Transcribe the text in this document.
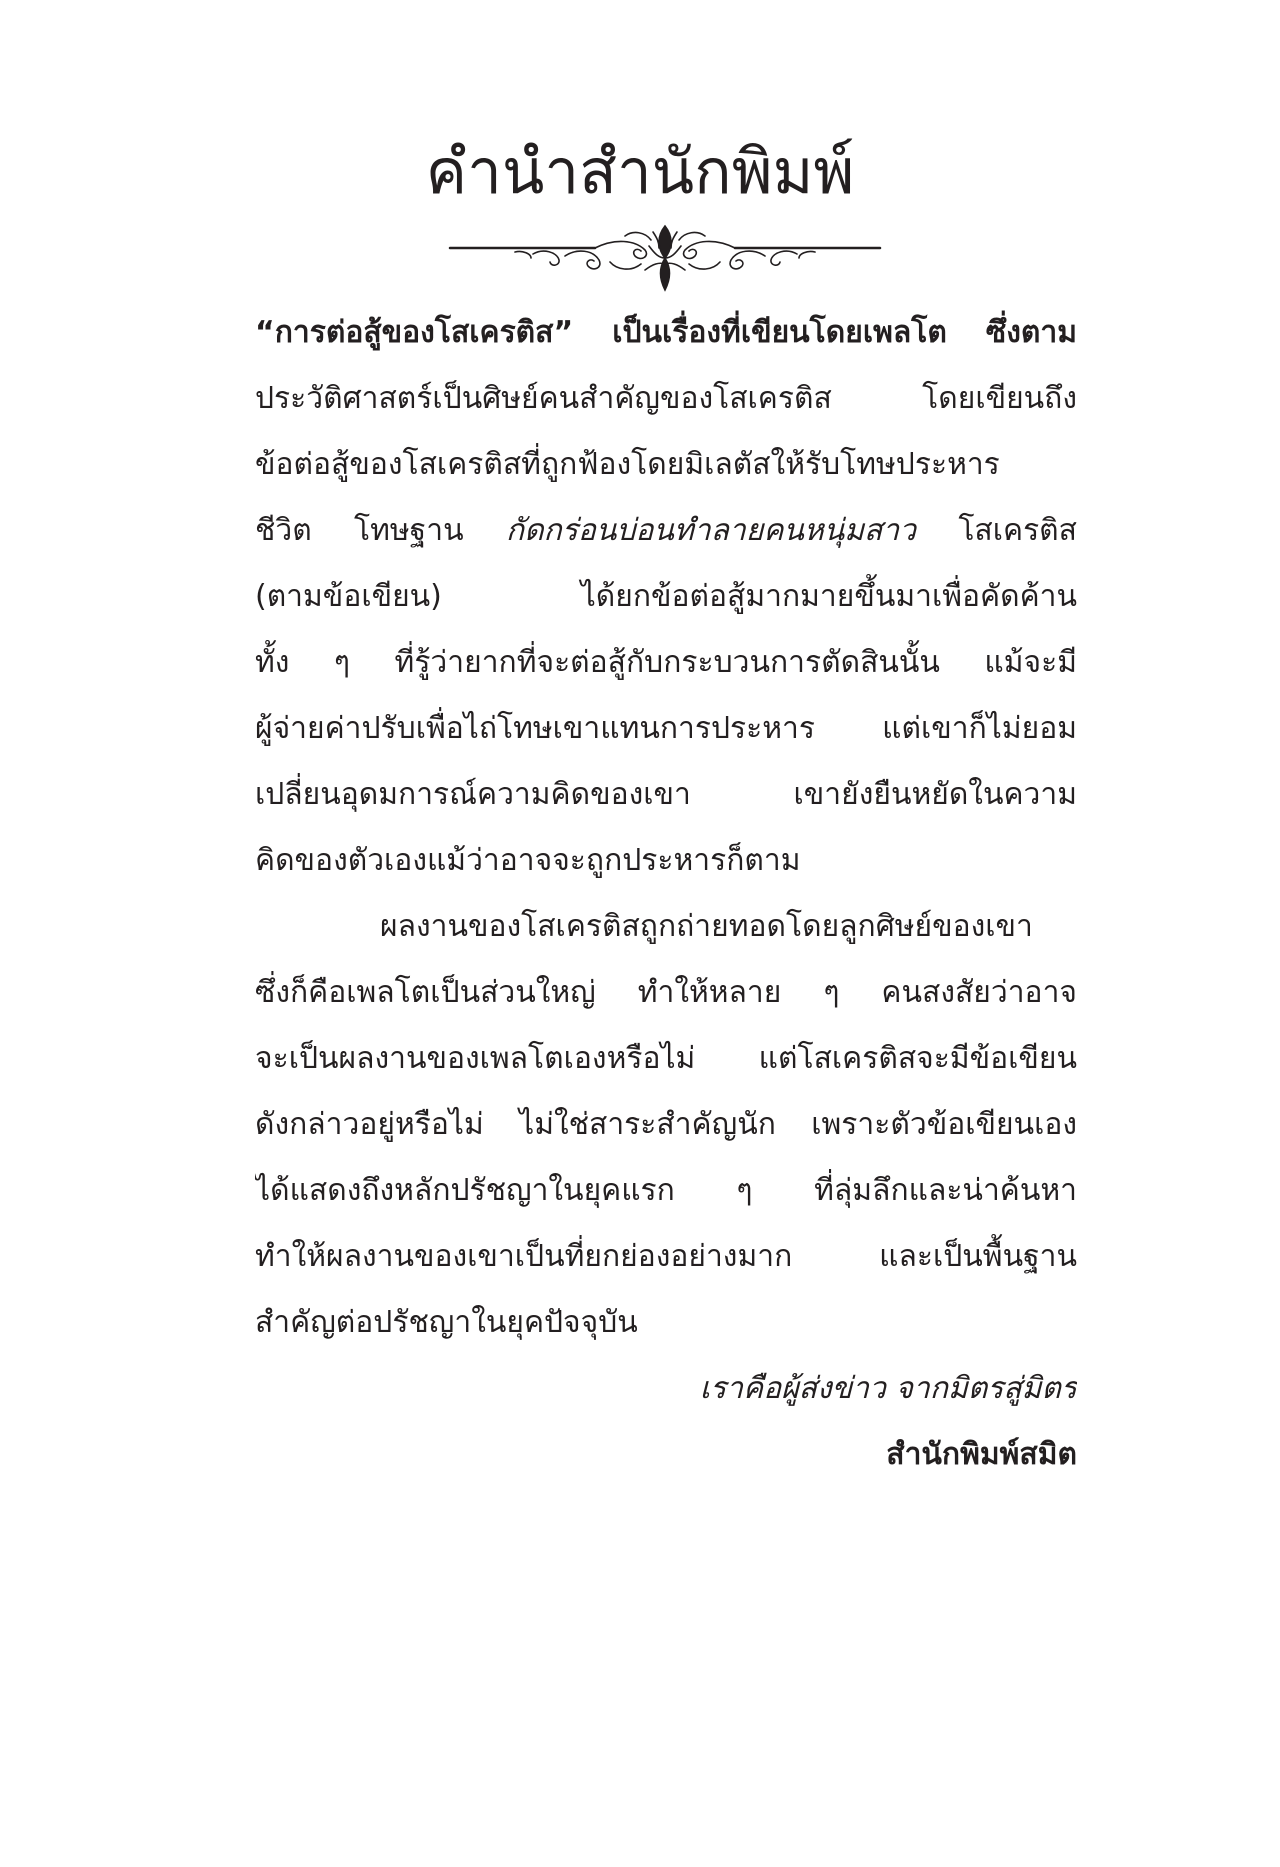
คำนำสำนักพิมพ์
“การต่อสู้ของโสเครติส” เป็นเรื่องที่เขียนโดยเพลโต ซึ่งตาม
ประวัติศาสตร์เป็นศิษย์คนสำคัญของโสเครติส โดยเขียนถึง
ข้อต่อสู้ของโสเครติสที่ถูกฟ้องโดยมิเลตัสให้รับโทษประหาร
ชีวิต โทษฐาน กัดกร่อนบ่อนทำลายคนหนุ่มสาว โสเครติส
(ตามข้อเขียน) ได้ยกข้อต่อสู้มากมายขึ้นมาเพื่อคัดค้าน
ทั้ง ๆ ที่รู้ว่ายากที่จะต่อสู้กับกระบวนการตัดสินนั้น แม้จะมี
ผู้จ่ายค่าปรับเพื่อไถ่โทษเขาแทนการประหาร แต่เขาก็ไม่ยอม
เปลี่ยนอุดมการณ์ความคิดของเขา เขายังยืนหยัดในความ
คิดของตัวเองแม้ว่าอาจจะถูกประหารก็ตาม
ผลงานของโสเครติสถูกถ่ายทอดโดยลูกศิษย์ของเขา
ซึ่งก็คือเพลโตเป็นส่วนใหญ่ ทำให้หลาย ๆ คนสงสัยว่าอาจ
จะเป็นผลงานของเพลโตเองหรือไม่ แต่โสเครติสจะมีข้อเขียน
ดังกล่าวอยู่หรือไม่ ไม่ใช่สาระสำคัญนัก เพราะตัวข้อเขียนเอง
ได้แสดงถึงหลักปรัชญาในยุคแรก ๆ ที่ลุ่มลึกและน่าค้นหา
ทำให้ผลงานของเขาเป็นที่ยกย่องอย่างมาก และเป็นพื้นฐาน
สำคัญต่อปรัชญาในยุคปัจจุบัน
เราคือผู้ส่งข่าว จากมิตรสู่มิตร
สำนักพิมพ์สมิต
